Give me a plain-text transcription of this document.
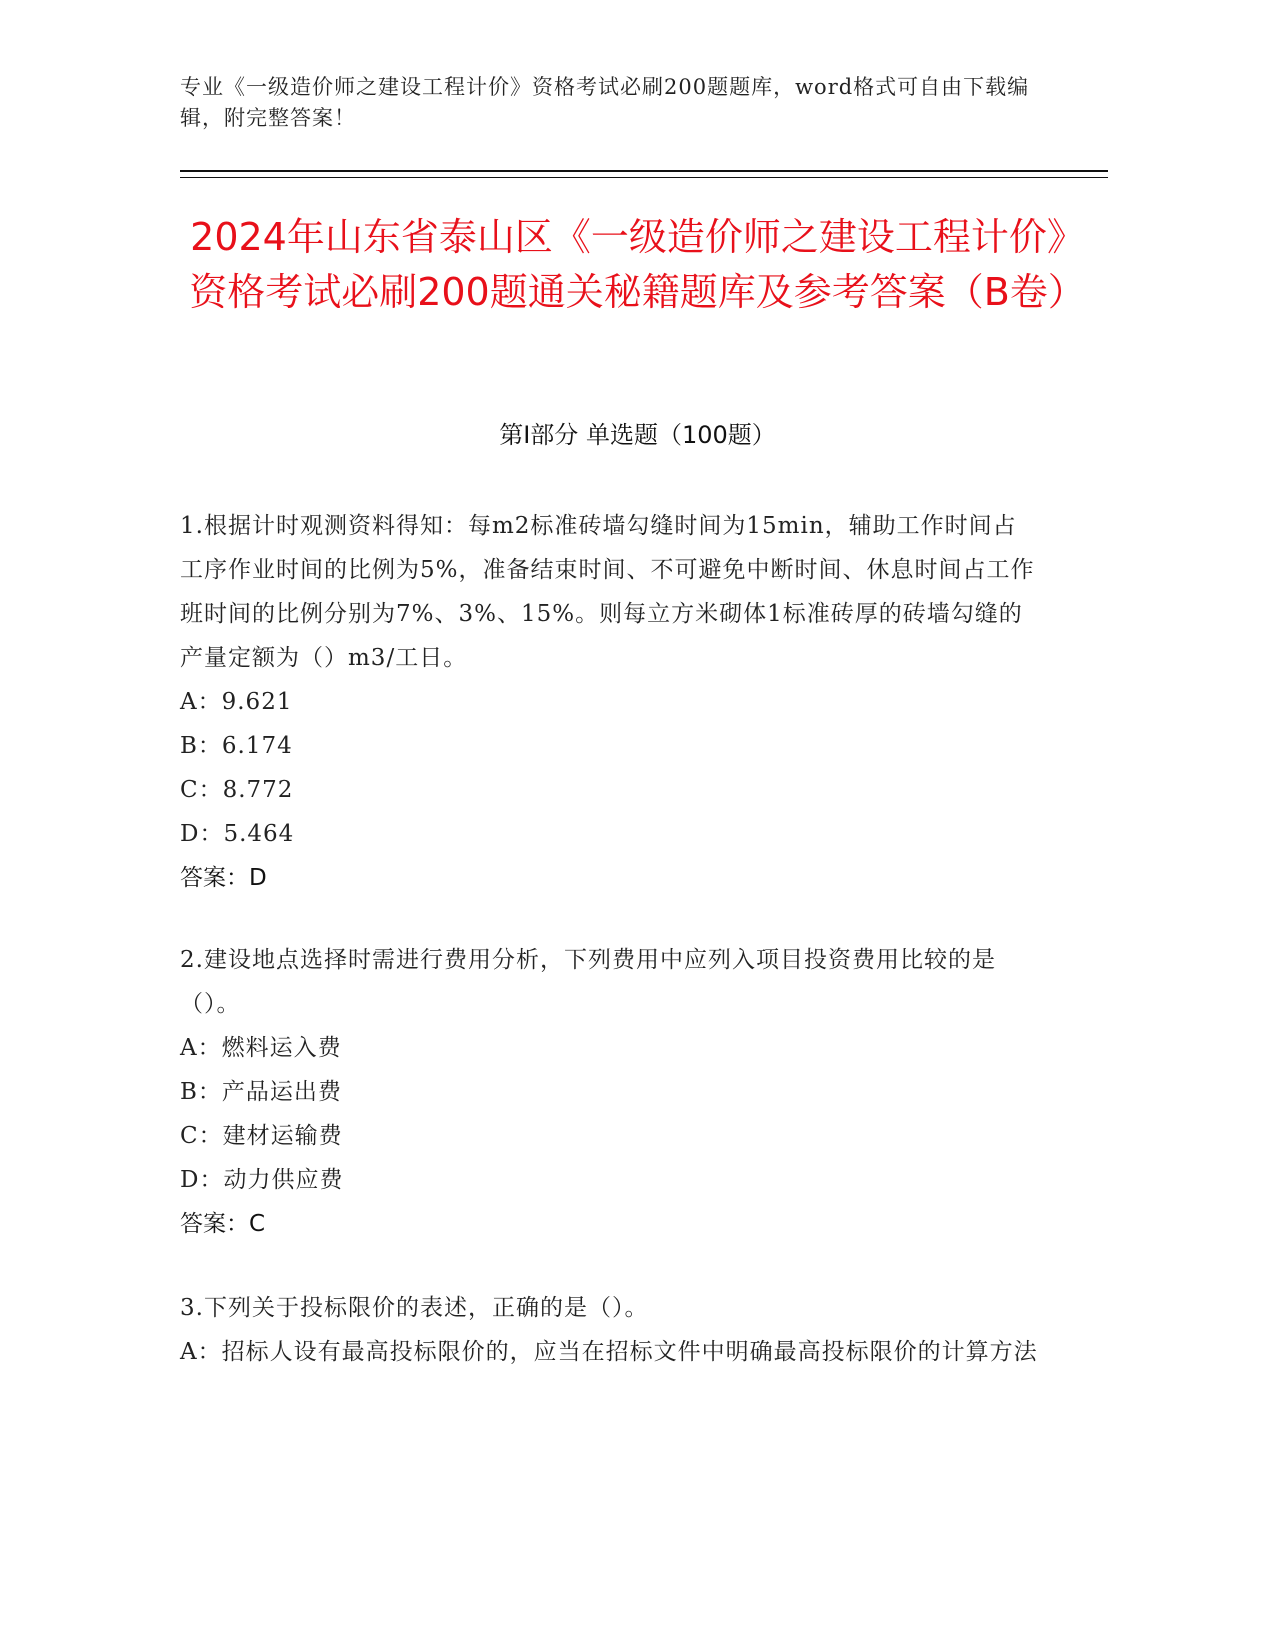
专业《一级造价师之建设工程计价》资格考试必刷200题题库，word格式可自由下载编辑，附完整答案！
2024年山东省泰山区《一级造价师之建设工程计价》资格考试必刷200题通关秘籍题库及参考答案（B卷）
第Ⅰ部分 单选题（100题）
1.根据计时观测资料得知：每m2标准砖墙勾缝时间为15min，辅助工作时间占工序作业时间的比例为5%，准备结束时间、不可避免中断时间、休息时间占工作班时间的比例分别为7%、3%、15%。则每立方米砌体1标准砖厚的砖墙勾缝的产量定额为（）m3/工日。
A：9.621
B：6.174
C：8.772
D：5.464
答案：D
2.建设地点选择时需进行费用分析，下列费用中应列入项目投资费用比较的是（）。
A：燃料运入费
B：产品运出费
C：建材运输费
D：动力供应费
答案：C
3.下列关于投标限价的表述，正确的是（）。
A：招标人设有最高投标限价的，应当在招标文件中明确最高投标限价的计算方法
